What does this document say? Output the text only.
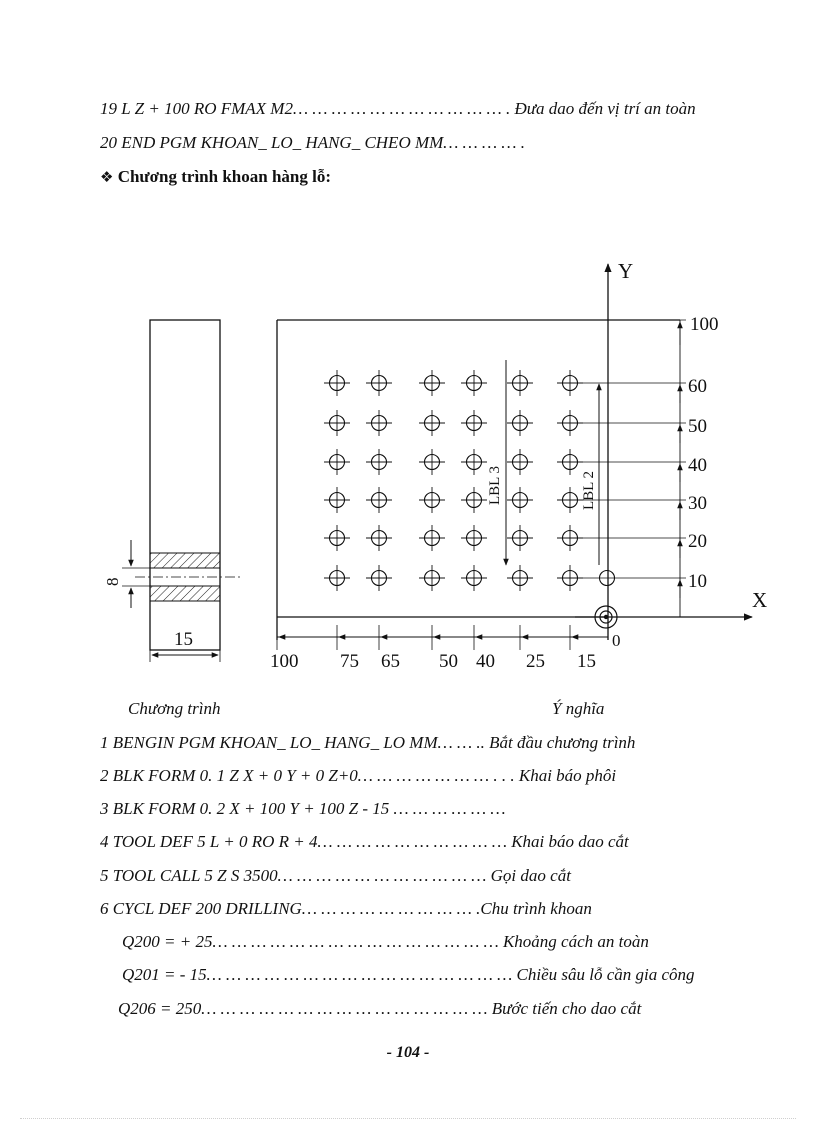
19 L Z + 100 RO FMAX M2… … … … … … … … … … … . Đưa dao đến vị trí an toàn
20 END PGM KHOAN_ LO_ HANG_ CHEO MM… … … … .
❖ Chương trình khoan hàng lỗ:
8
15
Y
X
0
100
60
50
40
30
20
10
100 75 65 50 40 25 15
LBL 3	LBL 2
Chương trình	Ý nghĩa
1 BENGIN PGM KHOAN_ LO_ HANG_ LO MM… … .. Bắt đầu chương trình
2 BLK FORM 0. 1 Z X + 0 Y + 0 Z+0… … … … … … … . . . Khai báo phôi
3 BLK FORM 0. 2 X + 100 Y + 100 Z - 15 … … … … … …
4 TOOL DEF 5 L + 0 RO R + 4… … … … … … … … … … Khai báo dao cắt
5 TOOL CALL 5 Z S 3500… … … … … … … … … … … Gọi dao cắt
6 CYCL DEF 200 DRILLING… … … … … … … … … .Chu trình khoan
Q200 = + 25… … … … … … … … … … … … … … … Khoảng cách an toàn
Q201 = - 15… … … … … … … … … … … … … … … … Chiều sâu lỗ cần gia công
Q206 = 250… … … … … … … … … … … … … … … Bước tiến cho dao cắt
- 104 -
